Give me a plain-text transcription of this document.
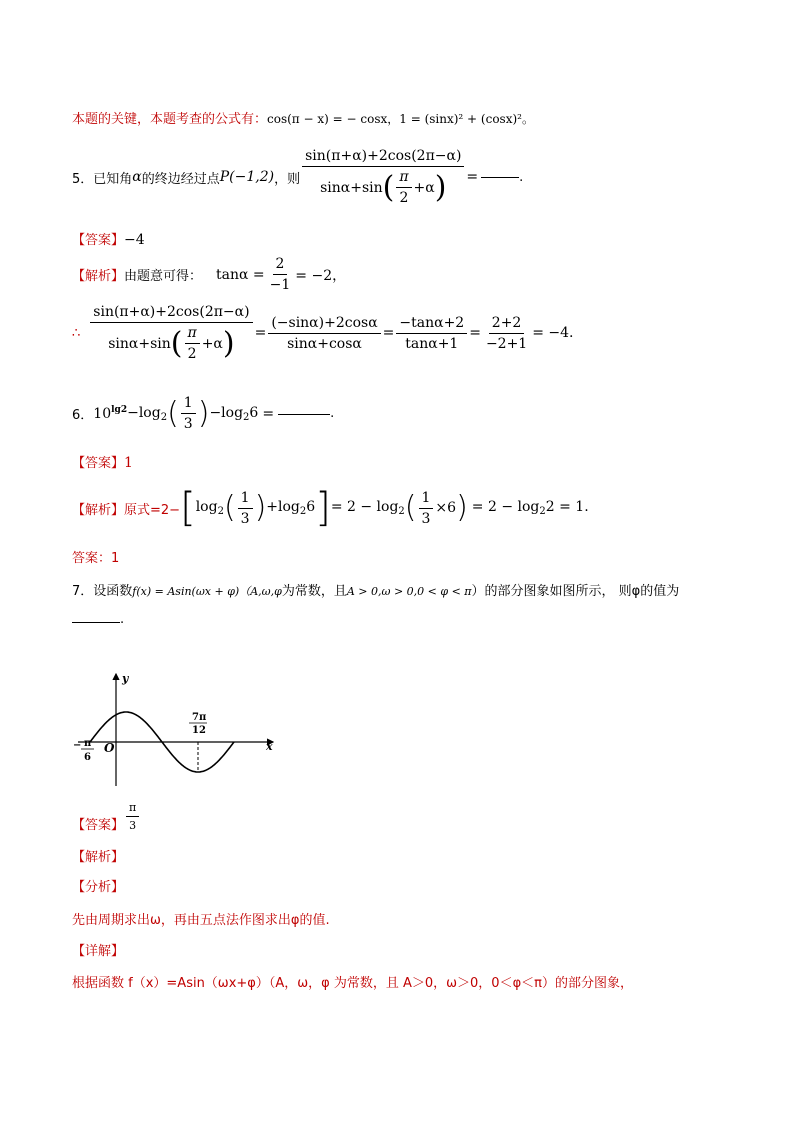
本题的关键，本题考查的公式有：cos(π − x) = − cosx，1 = (sinx)² + (cosx)²。
5．已知角 α 的终边经过点 P(−1,2) ，则 $\frac{\sin(\pi+\alpha)+2\cos(2\pi-\alpha)}{\sin\alpha+\sin ( \frac{\pi}{2} +\alpha )}$ =	.
【答案】−4
【解析】 由题意可得： $\tan\alpha = \frac{2}{-1} = -2$，
∴ $\frac{\sin(\pi+\alpha)+2\cos(2\pi-\alpha)}{\sin\alpha+\sin ( \frac{\pi}{2} +\alpha )} = \frac{(-\sin\alpha)+2\cos\alpha}{\sin\alpha+\cos\alpha} = \frac{-\tan\alpha+2}{\tan\alpha+1} = \frac{2+2}{-2+1} = -4$.
6． $10^{lg2} -\log_2$ ( $\frac{1}{3}$ ) $-\log_26$ =	.
【答案】1
【解析】 原式=2− [ $\log_2$ ( $\frac{1}{3}$ ) $+\log_26$ ] = $2 - \log_2$ ( $\frac{1}{3} \times 6$ ) = $2 - \log_22 = 1$.
答案：1
7．设函数f(x) = Asin(ωx + φ)（A,ω,φ为常数，且A > 0,ω > 0,0 < φ < π）的部分图象如图所示， 则φ的值为
.
y
x
O
7π
12
− π
6
【答案】 $\frac{\pi}{3}$
【解析】
【分析】
先由周期求出ω，再由五点法作图求出φ的值.
【详解】
根据函数 f（x）=Asin（ωx+φ）（A，ω，φ 为常数，且 A＞0，ω＞0，0＜φ＜π）的部分图象，
